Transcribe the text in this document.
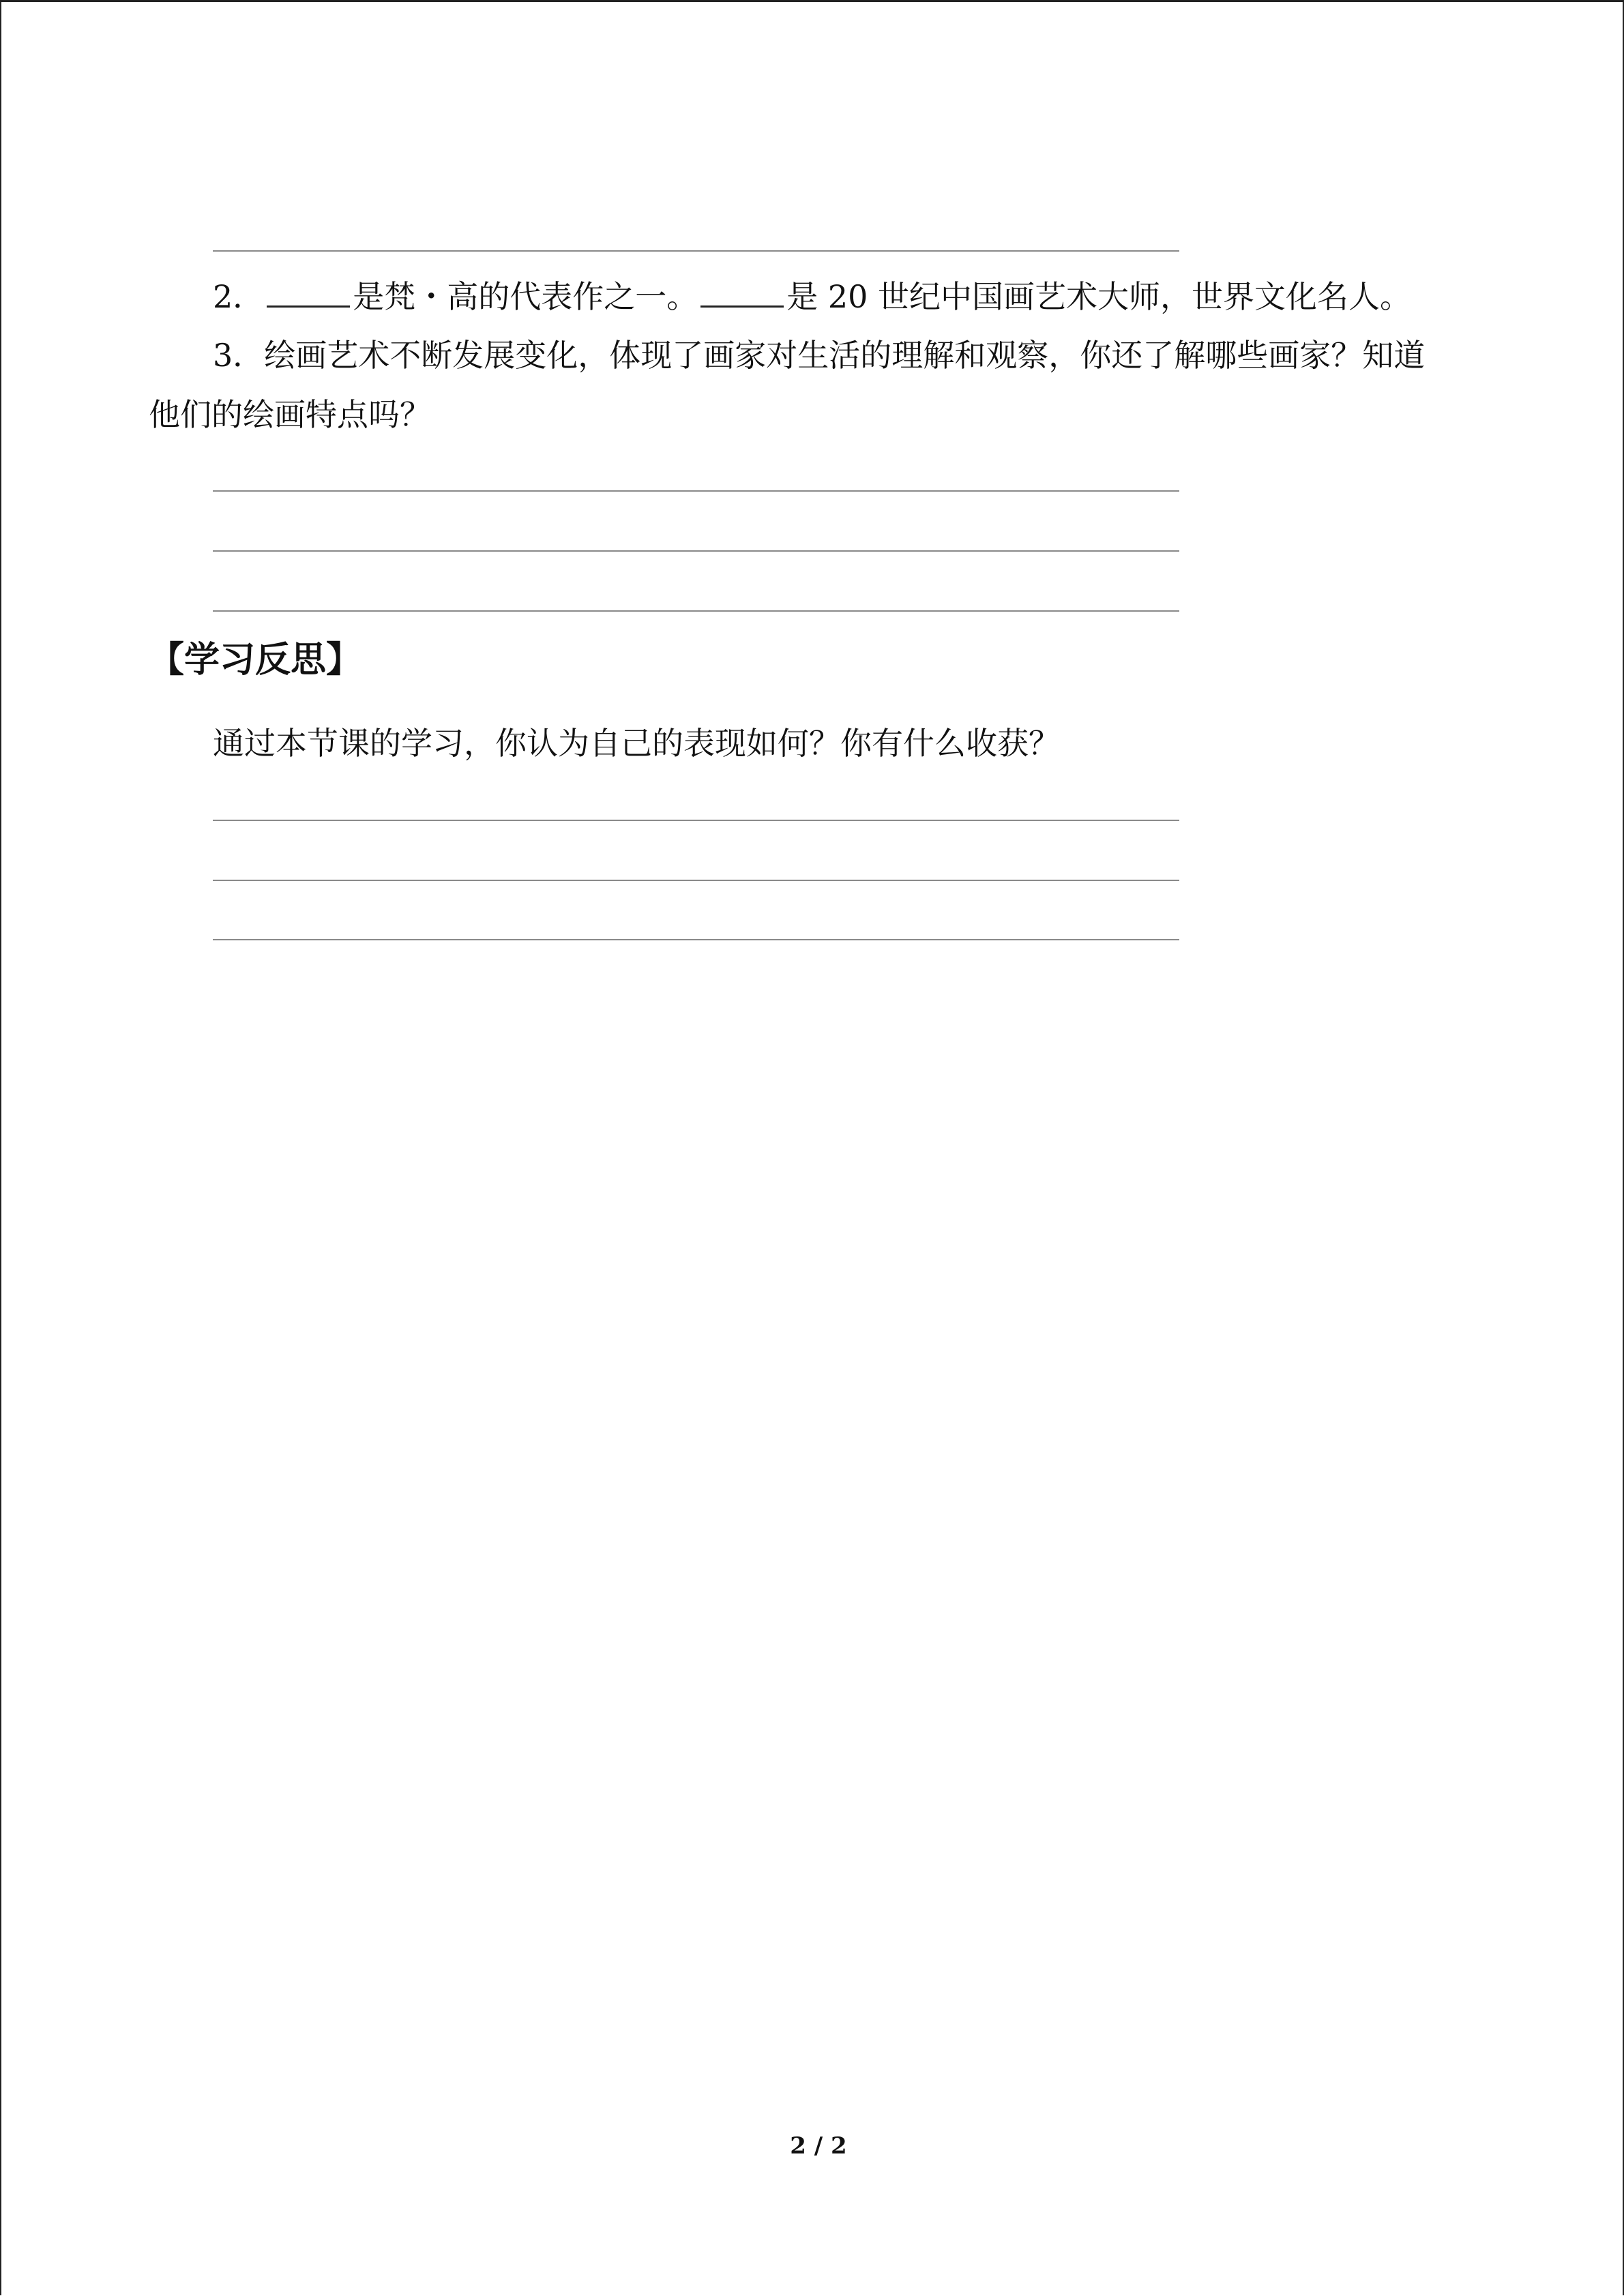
2．	是梵・高的代表作之一。	是 20 世纪中国画艺术大师，世界文化名人。
3．绘画艺术不断发展变化，体现了画家对生活的理解和观察，你还了解哪些画家？知道
他们的绘画特点吗？
【学习反思】
通过本节课的学习，你认为自己的表现如何？你有什么收获？
2 / 2
